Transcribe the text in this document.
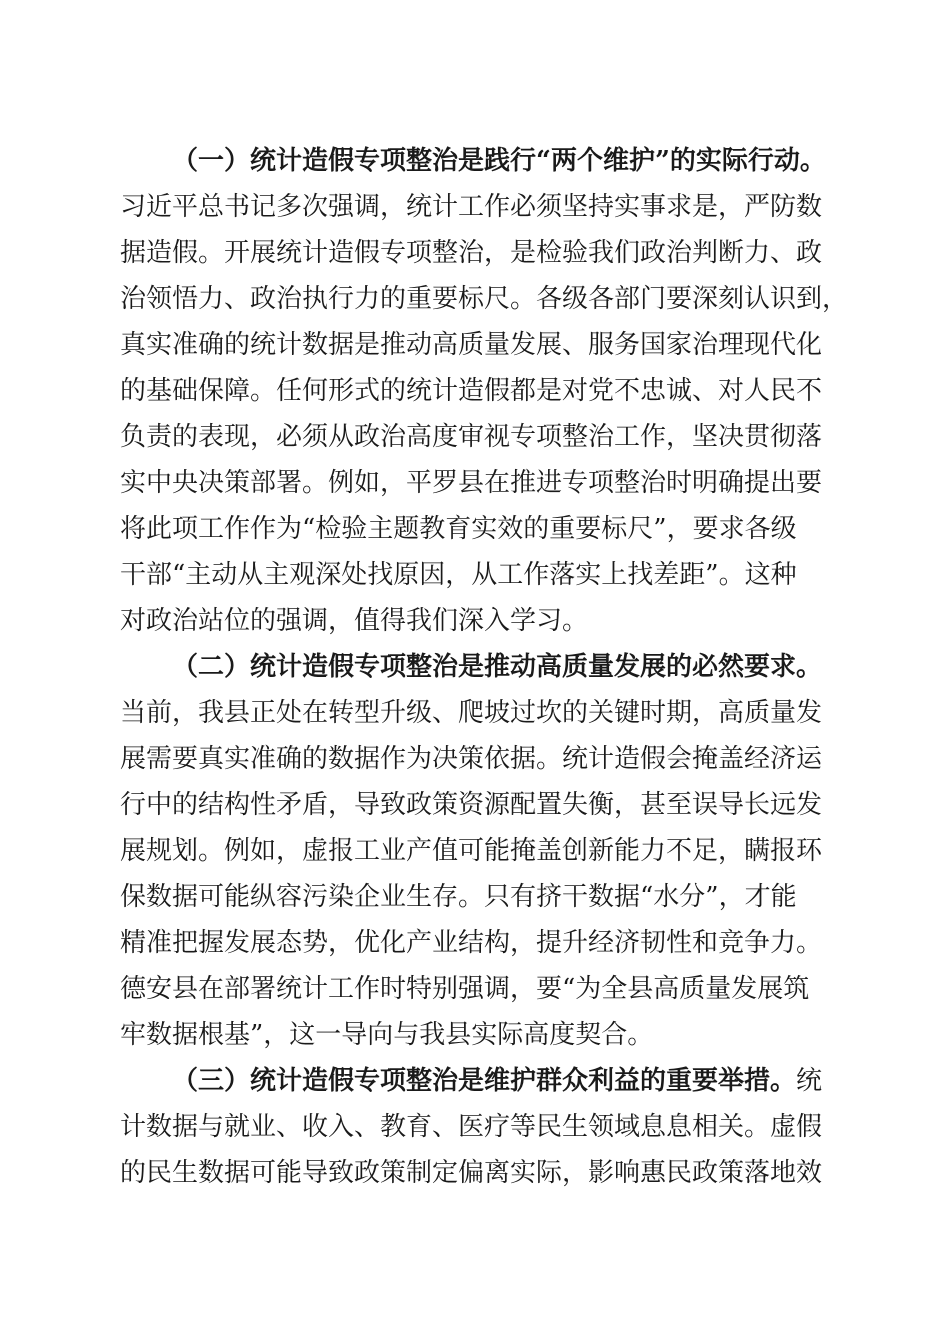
（一）统计造假专项整治是践行“两个维护”的实际行动。
习近平总书记多次强调，统计工作必须坚持实事求是，严防数
据造假。开展统计造假专项整治，是检验我们政治判断力、政
治领悟力、政治执行力的重要标尺。各级各部门要深刻认识到，
真实准确的统计数据是推动高质量发展、服务国家治理现代化
的基础保障。任何形式的统计造假都是对党不忠诚、对人民不
负责的表现，必须从政治高度审视专项整治工作，坚决贯彻落
实中央决策部署。例如，平罗县在推进专项整治时明确提出要
将此项工作作为“检验主题教育实效的重要标尺”，要求各级
干部“主动从主观深处找原因，从工作落实上找差距”。这种
对政治站位的强调，值得我们深入学习。
（二）统计造假专项整治是推动高质量发展的必然要求。
当前，我县正处在转型升级、爬坡过坎的关键时期，高质量发
展需要真实准确的数据作为决策依据。统计造假会掩盖经济运
行中的结构性矛盾，导致政策资源配置失衡，甚至误导长远发
展规划。例如，虚报工业产值可能掩盖创新能力不足，瞒报环
保数据可能纵容污染企业生存。只有挤干数据“水分”，才能
精准把握发展态势，优化产业结构，提升经济韧性和竞争力。
德安县在部署统计工作时特别强调，要“为全县高质量发展筑
牢数据根基”，这一导向与我县实际高度契合。
（三）统计造假专项整治是维护群众利益的重要举措。统
计数据与就业、收入、教育、医疗等民生领域息息相关。虚假
的民生数据可能导致政策制定偏离实际，影响惠民政策落地效
